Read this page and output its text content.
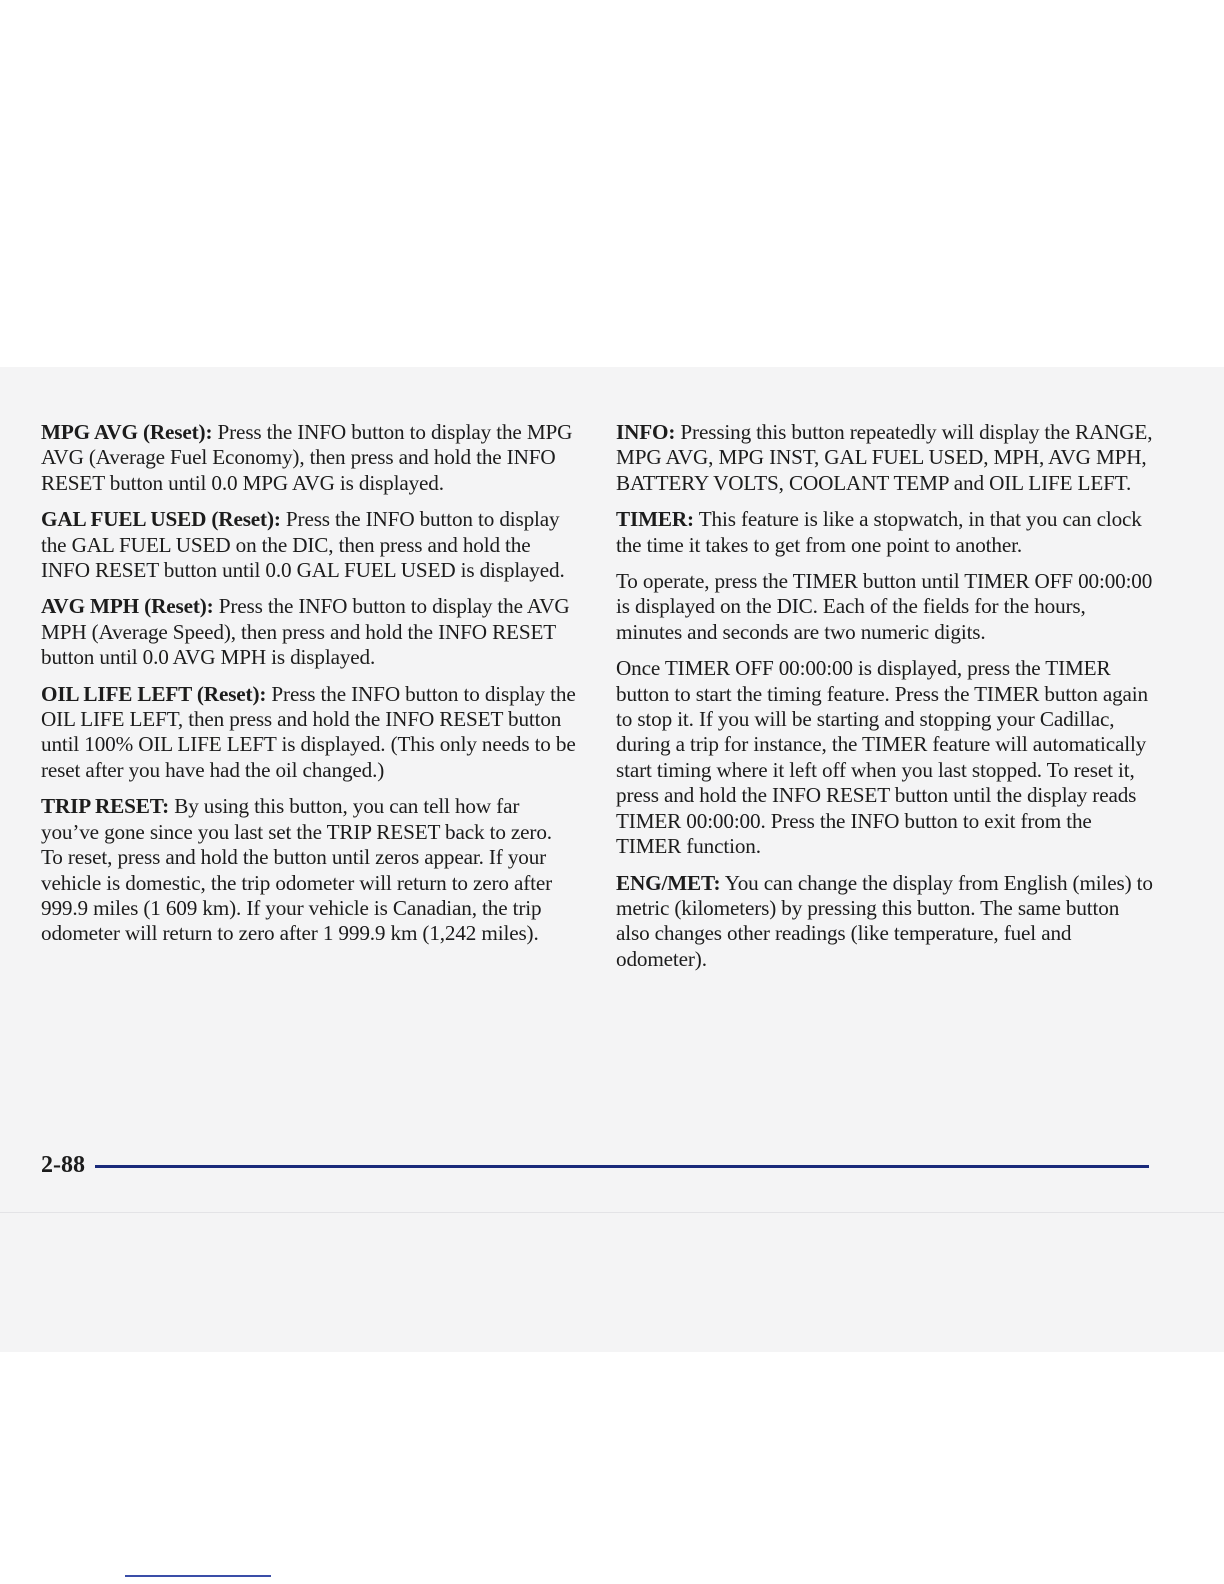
MPG AVG (Reset): Press the INFO button to display the MPG AVG (Average Fuel Economy), then press and hold the INFO RESET button until 0.0 MPG AVG is displayed.

GAL FUEL USED (Reset): Press the INFO button to display the GAL FUEL USED on the DIC, then press and hold the INFO RESET button until 0.0 GAL FUEL USED is displayed.

AVG MPH (Reset): Press the INFO button to display the AVG MPH (Average Speed), then press and hold the INFO RESET button until 0.0 AVG MPH is displayed.

OIL LIFE LEFT (Reset): Press the INFO button to display the OIL LIFE LEFT, then press and hold the INFO RESET button until 100% OIL LIFE LEFT is displayed. (This only needs to be reset after you have had the oil changed.)

TRIP RESET: By using this button, you can tell how far you’ve gone since you last set the TRIP RESET back to zero. To reset, press and hold the button until zeros appear. If your vehicle is domestic, the trip odometer will return to zero after 999.9 miles (1 609 km). If your vehicle is Canadian, the trip odometer will return to zero after 1 999.9 km (1,242 miles).

INFO: Pressing this button repeatedly will display the RANGE, MPG AVG, MPG INST, GAL FUEL USED, MPH, AVG MPH, BATTERY VOLTS, COOLANT TEMP and OIL LIFE LEFT.

TIMER: This feature is like a stopwatch, in that you can clock the time it takes to get from one point to another.

To operate, press the TIMER button until TIMER OFF 00:00:00 is displayed on the DIC. Each of the fields for the hours, minutes and seconds are two numeric digits.

Once TIMER OFF 00:00:00 is displayed, press the TIMER button to start the timing feature. Press the TIMER button again to stop it. If you will be starting and stopping your Cadillac, during a trip for instance, the TIMER feature will automatically start timing where it left off when you last stopped. To reset it, press and hold the INFO RESET button until the display reads TIMER 00:00:00. Press the INFO button to exit from the TIMER function.

ENG/MET: You can change the display from English (miles) to metric (kilometers) by pressing this button. The same button also changes other readings (like temperature, fuel and odometer).

2-88
